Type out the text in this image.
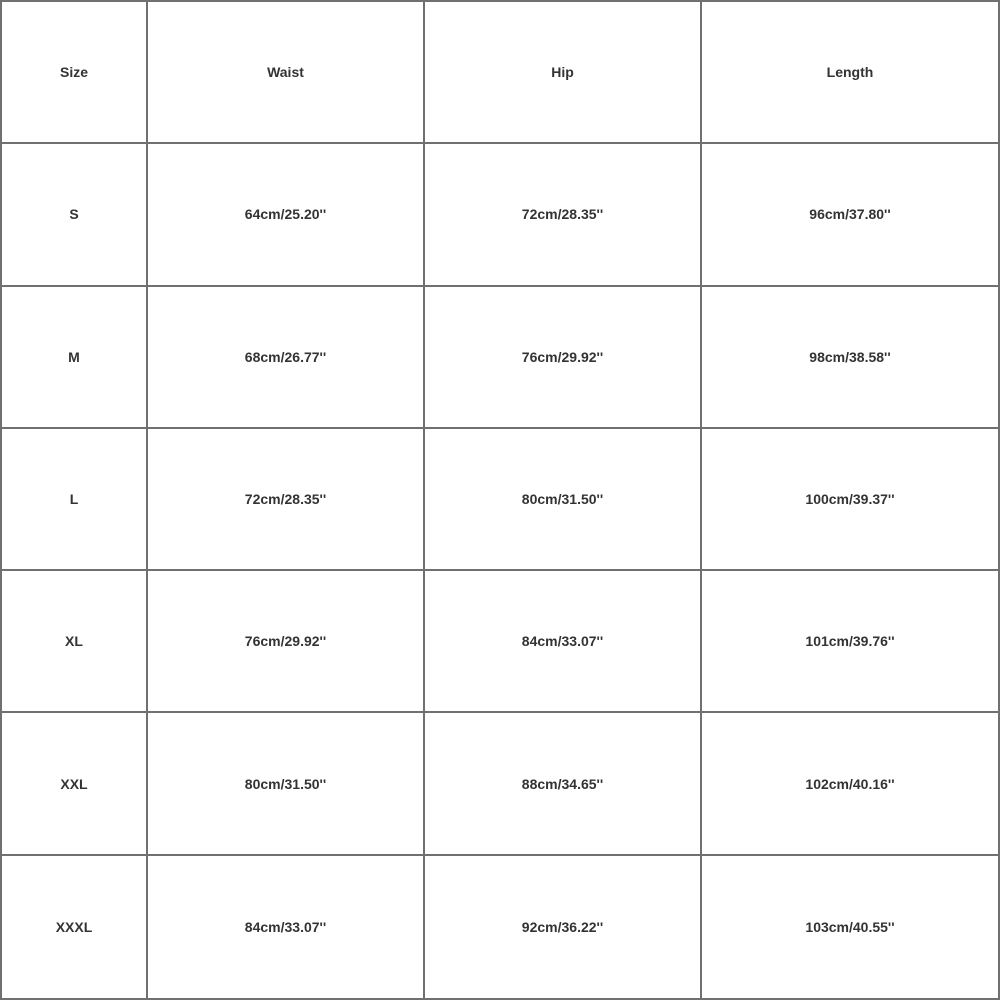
Size	Waist	Hip	Length
S	64cm/25.20''	72cm/28.35''	96cm/37.80''
M	68cm/26.77''	76cm/29.92''	98cm/38.58''
L	72cm/28.35''	80cm/31.50''	100cm/39.37''
XL	76cm/29.92''	84cm/33.07''	101cm/39.76''
XXL	80cm/31.50''	88cm/34.65''	102cm/40.16''
XXXL	84cm/33.07''	92cm/36.22''	103cm/40.55''
